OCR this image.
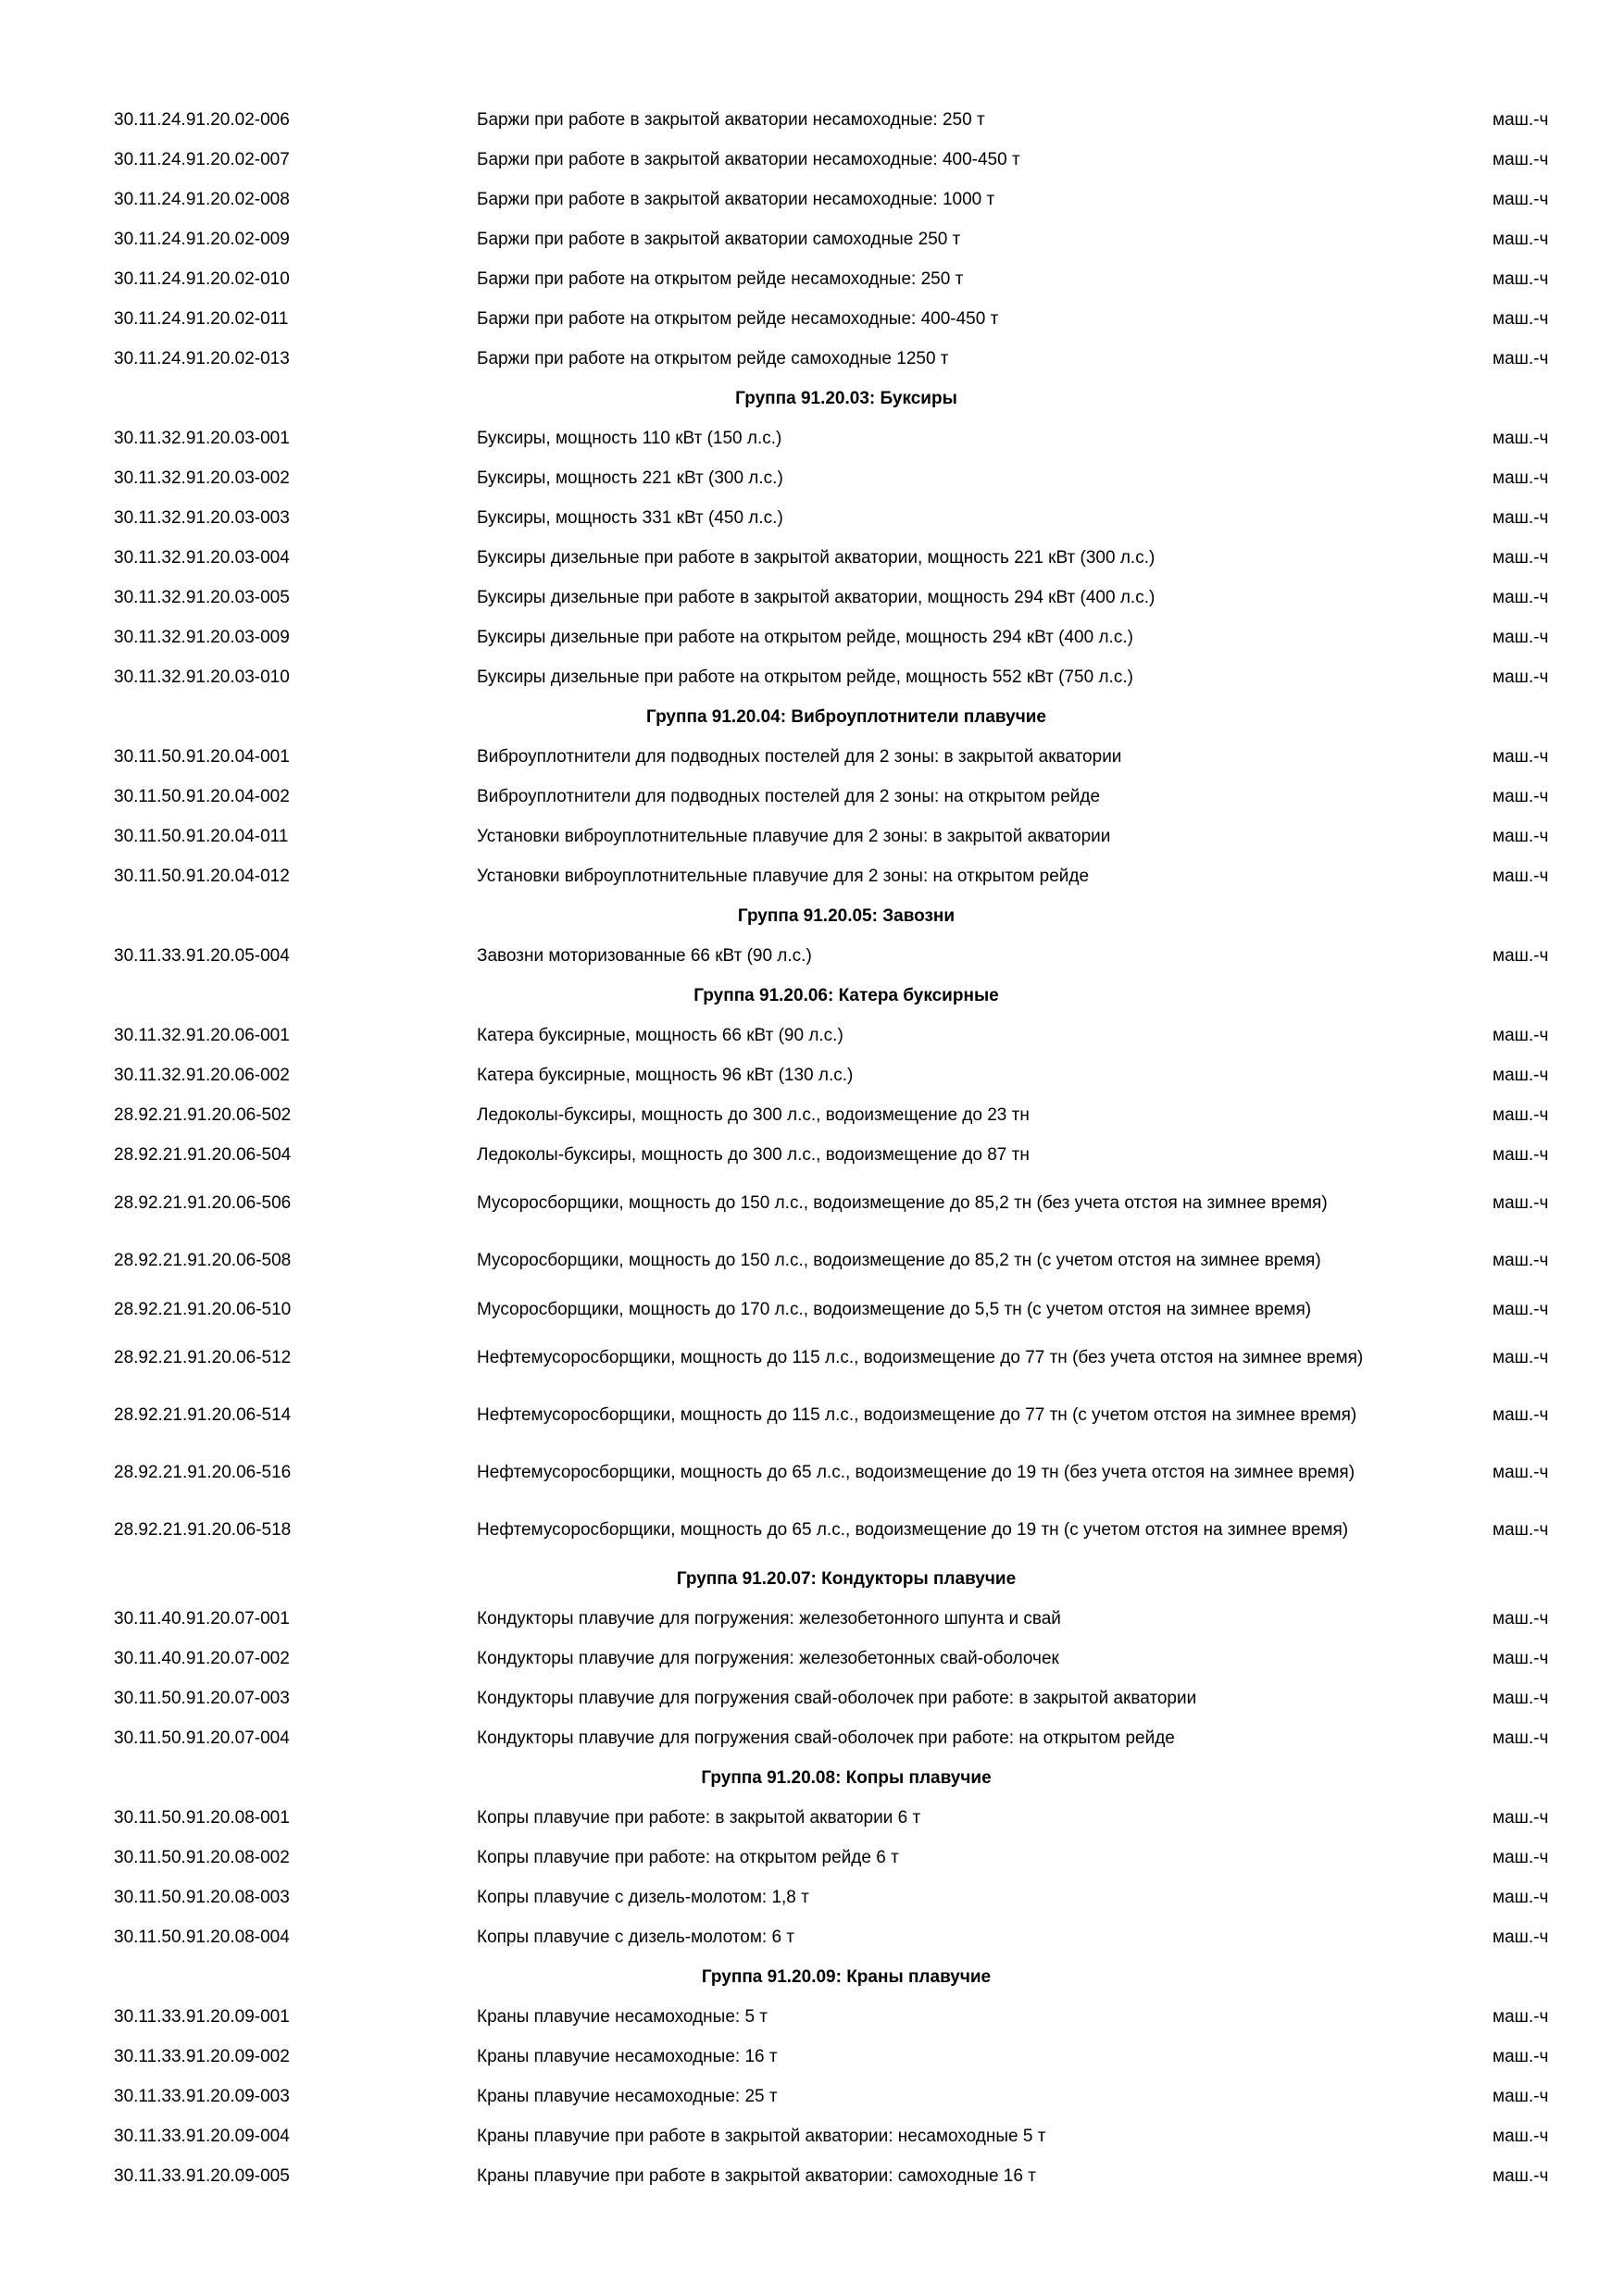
30.11.24.91.20.02-006	Баржи при работе в закрытой акватории несамоходные: 250 т	маш.-ч
30.11.24.91.20.02-007	Баржи при работе в закрытой акватории несамоходные: 400-450 т	маш.-ч
30.11.24.91.20.02-008	Баржи при работе в закрытой акватории несамоходные: 1000 т	маш.-ч
30.11.24.91.20.02-009	Баржи при работе в закрытой акватории самоходные 250 т	маш.-ч
30.11.24.91.20.02-010	Баржи при работе на открытом рейде несамоходные: 250 т	маш.-ч
30.11.24.91.20.02-011	Баржи при работе на открытом рейде несамоходные: 400-450 т	маш.-ч
30.11.24.91.20.02-013	Баржи при работе на открытом рейде самоходные 1250 т	маш.-ч
Группа 91.20.03: Буксиры
30.11.32.91.20.03-001	Буксиры, мощность 110 кВт (150 л.с.)	маш.-ч
30.11.32.91.20.03-002	Буксиры, мощность 221 кВт (300 л.с.)	маш.-ч
30.11.32.91.20.03-003	Буксиры, мощность 331 кВт (450 л.с.)	маш.-ч
30.11.32.91.20.03-004	Буксиры дизельные при работе в закрытой акватории, мощность 221 кВт (300 л.с.)	маш.-ч
30.11.32.91.20.03-005	Буксиры дизельные при работе в закрытой акватории, мощность 294 кВт (400 л.с.)	маш.-ч
30.11.32.91.20.03-009	Буксиры дизельные при работе на открытом рейде, мощность 294 кВт (400 л.с.)	маш.-ч
30.11.32.91.20.03-010	Буксиры дизельные при работе на открытом рейде, мощность 552 кВт (750 л.с.)	маш.-ч
Группа 91.20.04: Виброуплотнители плавучие
30.11.50.91.20.04-001	Виброуплотнители для подводных постелей для 2 зоны: в закрытой акватории	маш.-ч
30.11.50.91.20.04-002	Виброуплотнители для подводных постелей для 2 зоны: на открытом рейде	маш.-ч
30.11.50.91.20.04-011	Установки виброуплотнительные плавучие для 2 зоны: в закрытой акватории	маш.-ч
30.11.50.91.20.04-012	Установки виброуплотнительные плавучие для 2 зоны: на открытом рейде	маш.-ч
Группа 91.20.05: Завозни
30.11.33.91.20.05-004	Завозни моторизованные 66 кВт (90 л.с.)	маш.-ч
Группа 91.20.06: Катера буксирные
30.11.32.91.20.06-001	Катера буксирные, мощность 66 кВт (90 л.с.)	маш.-ч
30.11.32.91.20.06-002	Катера буксирные, мощность 96 кВт (130 л.с.)	маш.-ч
28.92.21.91.20.06-502	Ледоколы-буксиры, мощность до 300 л.с., водоизмещение до 23 тн	маш.-ч
28.92.21.91.20.06-504	Ледоколы-буксиры, мощность до 300 л.с., водоизмещение до 87 тн	маш.-ч
28.92.21.91.20.06-506	Мусоросборщики, мощность до 150 л.с., водоизмещение до 85,2 тн (без учета отстоя на зимнее время)	маш.-ч
28.92.21.91.20.06-508	Мусоросборщики, мощность до 150 л.с., водоизмещение до 85,2 тн (с учетом отстоя на зимнее время)	маш.-ч
28.92.21.91.20.06-510	Мусоросборщики, мощность до 170 л.с., водоизмещение до 5,5 тн (с учетом отстоя на зимнее время)	маш.-ч
28.92.21.91.20.06-512	Нефтемусоросборщики, мощность до 115 л.с., водоизмещение до 77 тн (без учета отстоя на зимнее время)	маш.-ч
28.92.21.91.20.06-514	Нефтемусоросборщики, мощность до 115 л.с., водоизмещение до 77 тн (с учетом отстоя на зимнее время)	маш.-ч
28.92.21.91.20.06-516	Нефтемусоросборщики, мощность до 65 л.с., водоизмещение до 19 тн (без учета отстоя на зимнее время)	маш.-ч
28.92.21.91.20.06-518	Нефтемусоросборщики, мощность до 65 л.с., водоизмещение до 19 тн (с учетом отстоя на зимнее время)	маш.-ч
Группа 91.20.07: Кондукторы плавучие
30.11.40.91.20.07-001	Кондукторы плавучие для погружения: железобетонного шпунта и свай	маш.-ч
30.11.40.91.20.07-002	Кондукторы плавучие для погружения: железобетонных свай-оболочек	маш.-ч
30.11.50.91.20.07-003	Кондукторы плавучие для погружения свай-оболочек при работе: в закрытой акватории	маш.-ч
30.11.50.91.20.07-004	Кондукторы плавучие для погружения свай-оболочек при работе: на открытом рейде	маш.-ч
Группа 91.20.08: Копры плавучие
30.11.50.91.20.08-001	Копры плавучие при работе: в закрытой акватории 6 т	маш.-ч
30.11.50.91.20.08-002	Копры плавучие при работе: на открытом рейде 6 т	маш.-ч
30.11.50.91.20.08-003	Копры плавучие с дизель-молотом: 1,8 т	маш.-ч
30.11.50.91.20.08-004	Копры плавучие с дизель-молотом: 6 т	маш.-ч
Группа 91.20.09: Краны плавучие
30.11.33.91.20.09-001	Краны плавучие несамоходные: 5 т	маш.-ч
30.11.33.91.20.09-002	Краны плавучие несамоходные: 16 т	маш.-ч
30.11.33.91.20.09-003	Краны плавучие несамоходные: 25 т	маш.-ч
30.11.33.91.20.09-004	Краны плавучие при работе в закрытой акватории: несамоходные 5 т	маш.-ч
30.11.33.91.20.09-005	Краны плавучие при работе в закрытой акватории: самоходные 16 т	маш.-ч
